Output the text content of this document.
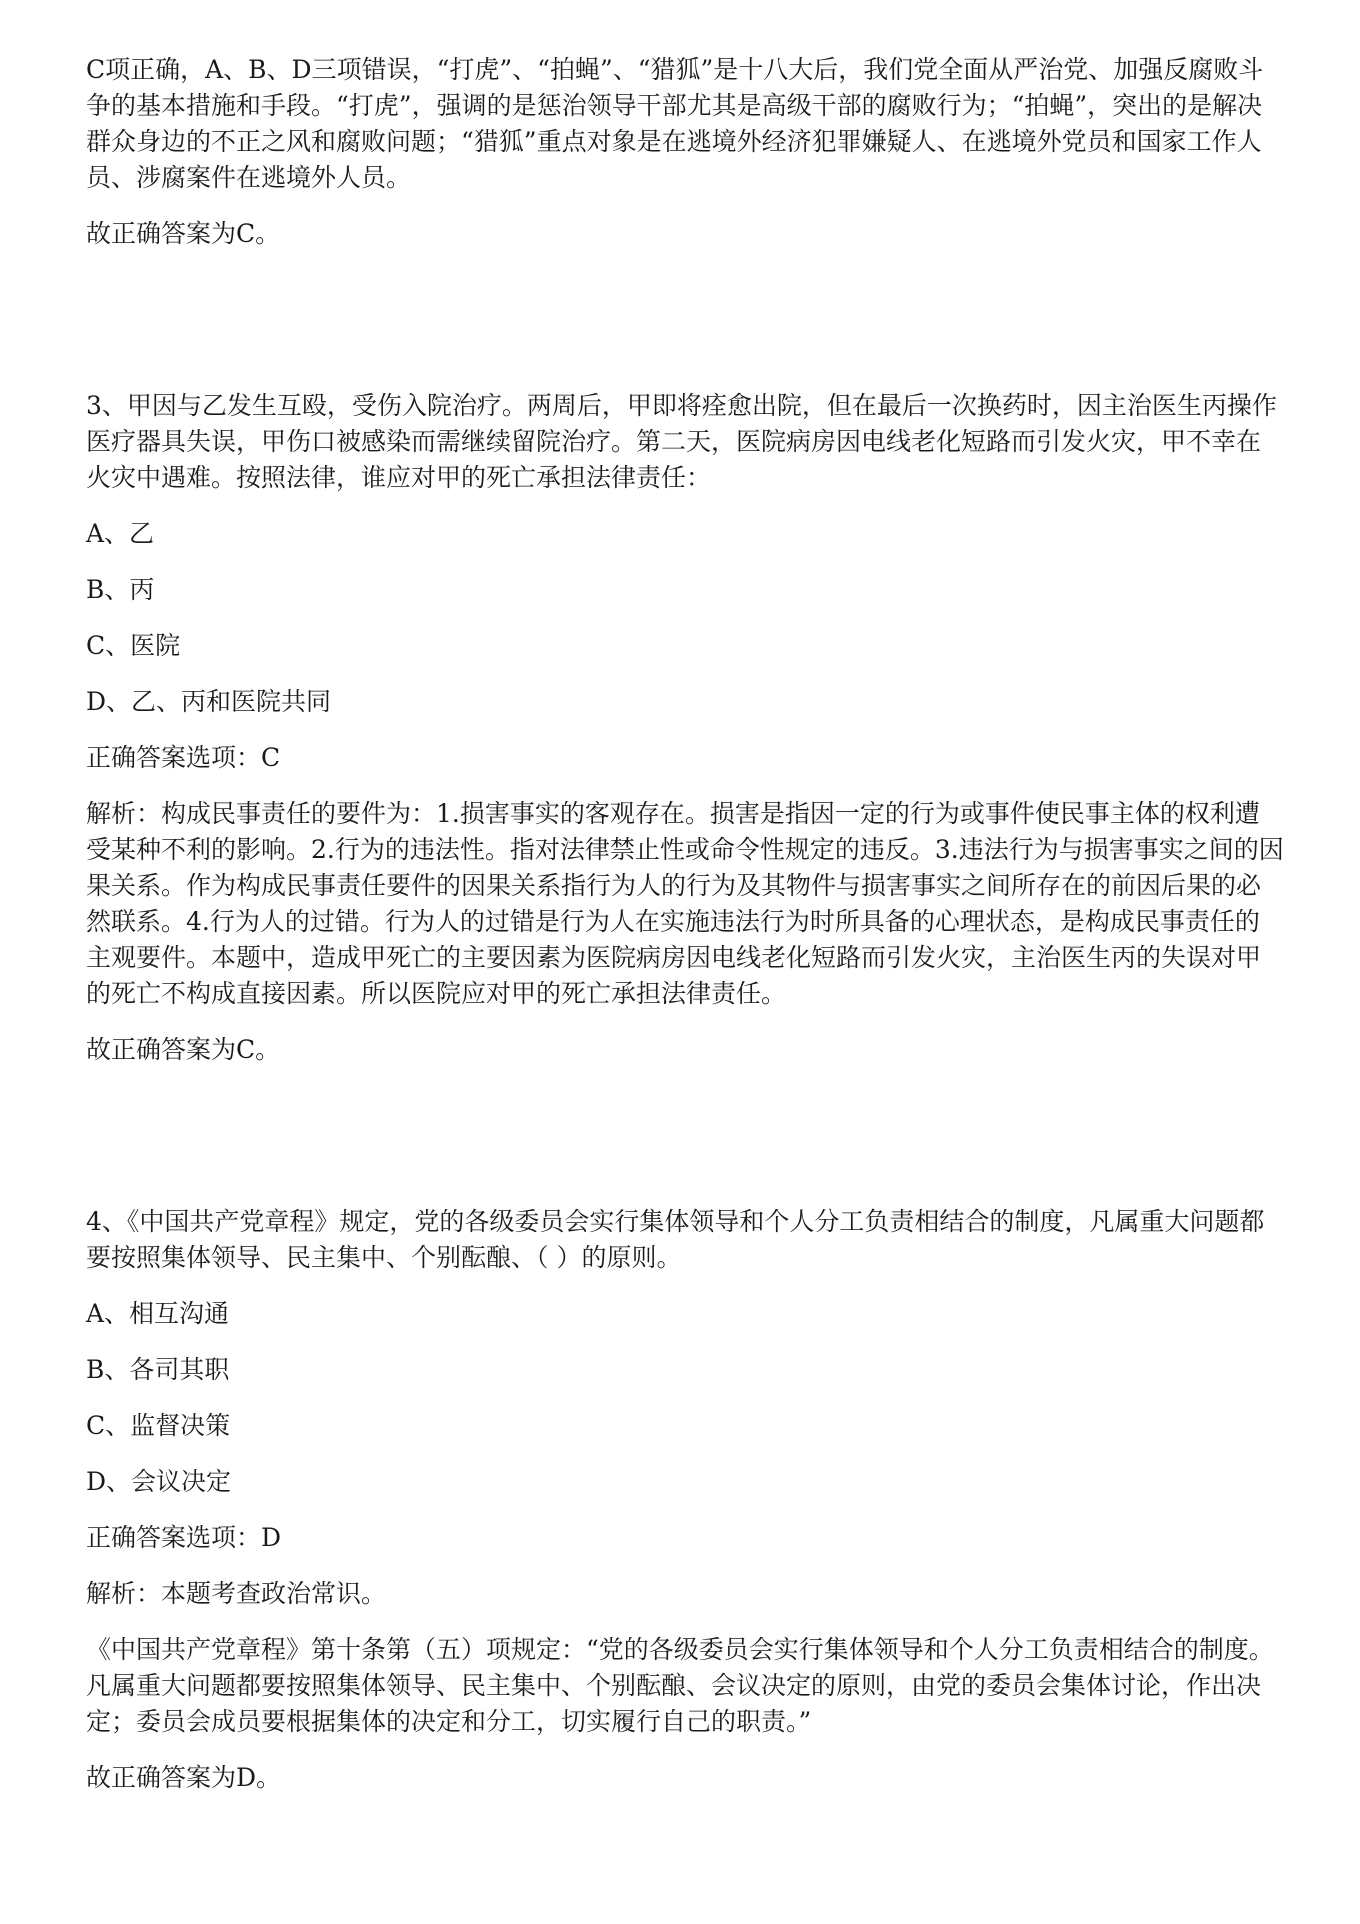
C项正确，A、B、D三项错误，“打虎”、“拍蝇”、“猎狐”是十八大后，我们党全面从严治党、加强反腐败斗争的基本措施和手段。“打虎”，强调的是惩治领导干部尤其是高级干部的腐败行为；“拍蝇”，突出的是解决群众身边的不正之风和腐败问题；“猎狐”重点对象是在逃境外经济犯罪嫌疑人、在逃境外党员和国家工作人员、涉腐案件在逃境外人员。

故正确答案为C。

3、甲因与乙发生互殴，受伤入院治疗。两周后，甲即将痊愈出院，但在最后一次换药时，因主治医生丙操作医疗器具失误，甲伤口被感染而需继续留院治疗。第二天，医院病房因电线老化短路而引发火灾，甲不幸在火灾中遇难。按照法律，谁应对甲的死亡承担法律责任：

A、乙

B、丙

C、医院

D、乙、丙和医院共同

正确答案选项：C

解析：构成民事责任的要件为：1.损害事实的客观存在。损害是指因一定的行为或事件使民事主体的权利遭受某种不利的影响。2.行为的违法性。指对法律禁止性或命令性规定的违反。3.违法行为与损害事实之间的因果关系。作为构成民事责任要件的因果关系指行为人的行为及其物件与损害事实之间所存在的前因后果的必然联系。4.行为人的过错。行为人的过错是行为人在实施违法行为时所具备的心理状态，是构成民事责任的主观要件。本题中，造成甲死亡的主要因素为医院病房因电线老化短路而引发火灾，主治医生丙的失误对甲的死亡不构成直接因素。所以医院应对甲的死亡承担法律责任。

故正确答案为C。

4、《中国共产党章程》规定，党的各级委员会实行集体领导和个人分工负责相结合的制度，凡属重大问题都要按照集体领导、民主集中、个别酝酿、（ ）的原则。

A、相互沟通

B、各司其职

C、监督决策

D、会议决定

正确答案选项：D

解析：本题考查政治常识。

《中国共产党章程》第十条第（五）项规定：“党的各级委员会实行集体领导和个人分工负责相结合的制度。凡属重大问题都要按照集体领导、民主集中、个别酝酿、会议决定的原则，由党的委员会集体讨论，作出决定；委员会成员要根据集体的决定和分工，切实履行自己的职责。”

故正确答案为D。
